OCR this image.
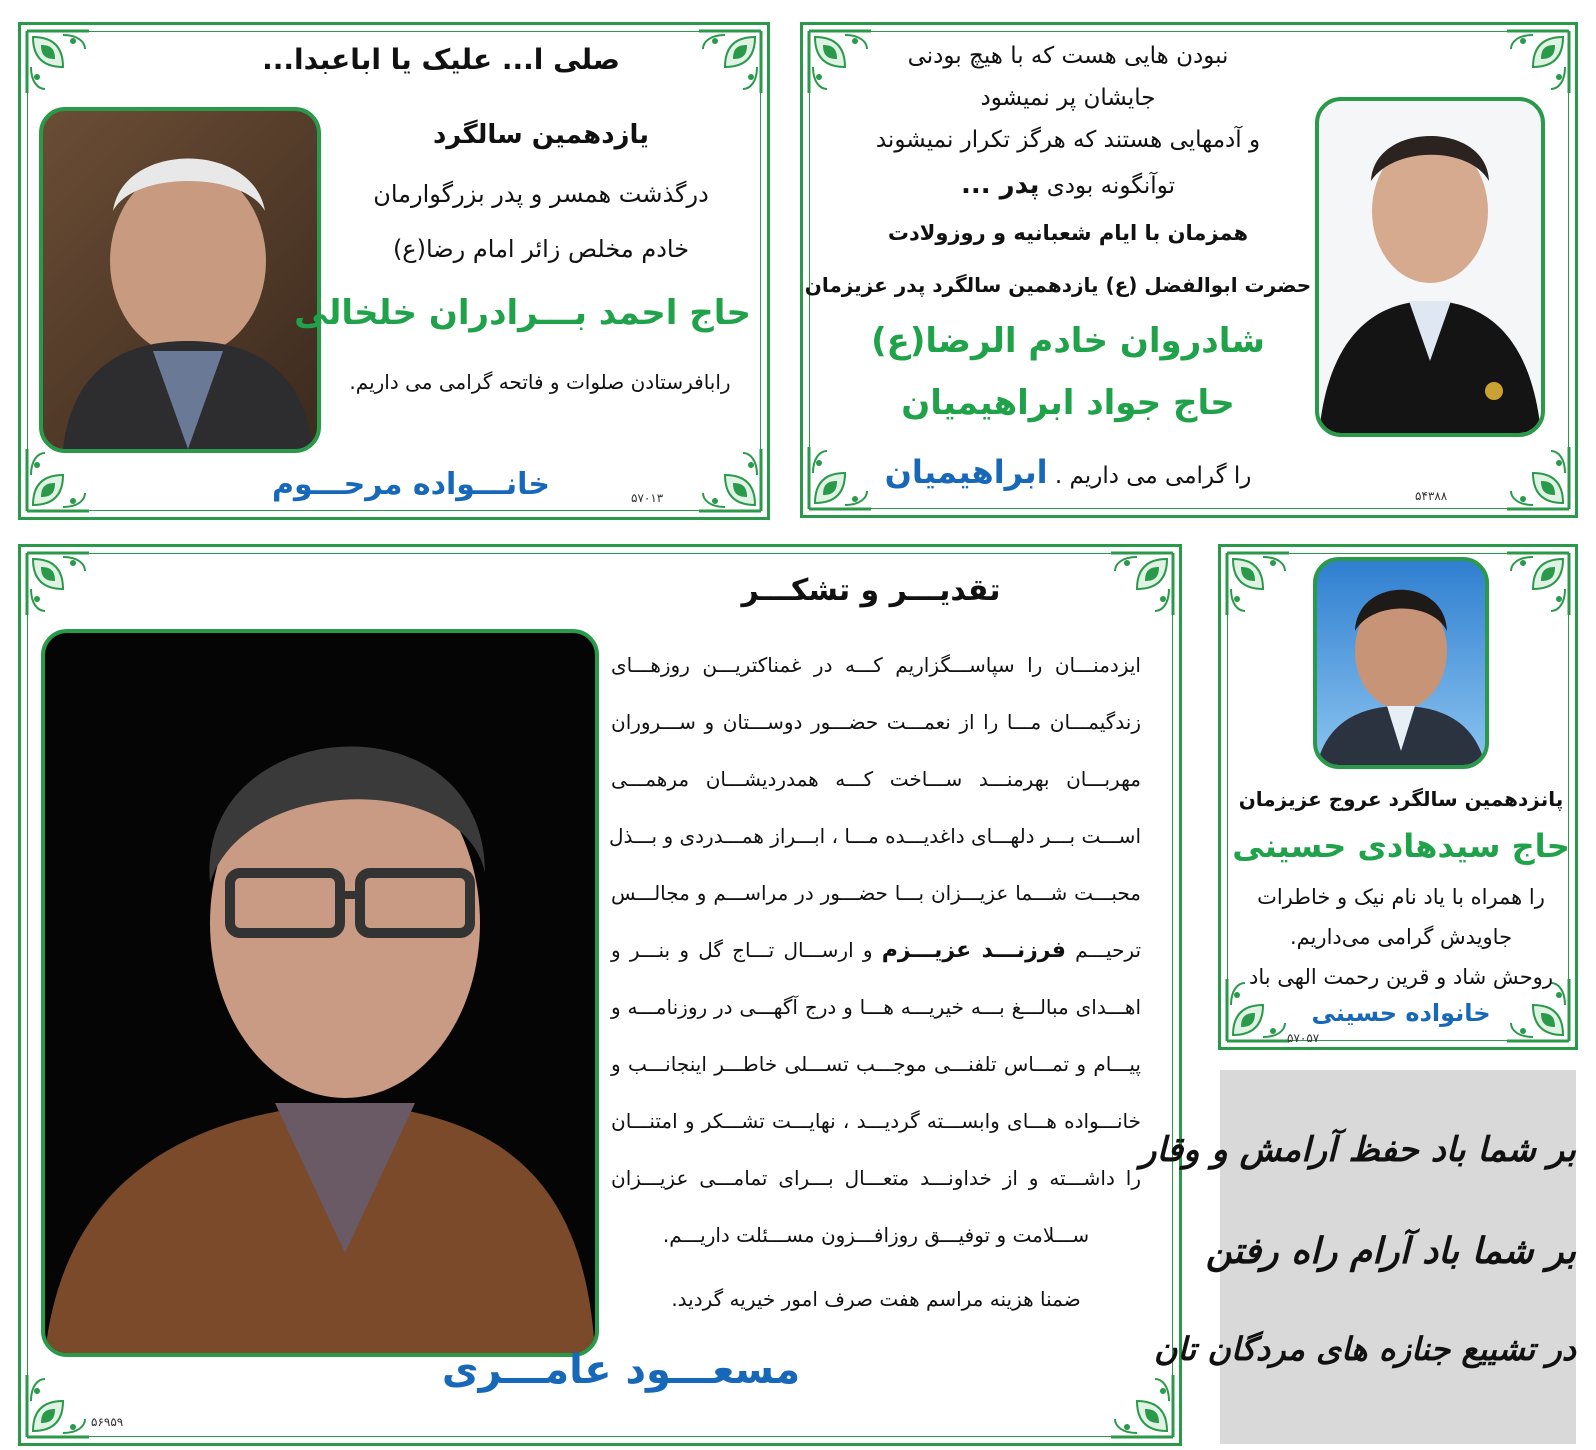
صلی ا... علیک یا اباعبدا...
یازدهمین سالگرد
درگذشت همسر و پدر بزرگوارمان
خادم مخلص زائر امام رضا(ع)
حاج احمد بـــرادران خلخالی
رابافرستادن صلوات و فاتحه گرامی می داریم.
خانـــواده مرحـــوم	۵۷۰۱۳
نبودن هایی هست که با هیچ بودنی
جایشان پر نمیشود
و آدمهایی هستند که هرگز تکرار نمیشوند
توآنگونه بودی پدر ...
همزمان با ایام شعبانیه و روزولادت
حضرت ابوالفضل (ع) یازدهمین سالگرد پدر عزیزمان
شادروان خادم الرضا(ع)
حاج جواد ابراهیمیان
را گرامی می داریم . ابراهیمیان
۵۴۳۸۸
تقدیـــر و تشکـــر
ایزدمنـــان را سپاســـگزاریم کـــه در غمناکتریـــن روزهـــای
زندگیمـــان مـــا را از نعمـــت حضـــور دوســـتان و ســـروران
مهربـــان بهرمنـــد ســـاخت کـــه همدردیشـــان مرهمـــی
اســـت بـــر دلهـــای داغدیـــده مـــا ، ابـــراز همـــدردی و بـــذل
محبـــت شـــما عزیـــزان بـــا حضـــور در مراســـم و مجالـــس
ترحیـــم فرزنـــد عزیـــزم و ارســـال تـــاج گل و بنـــر و
اهـــدای مبالـــغ بـــه خیریـــه هـــا و درج آگهـــی در روزنامـــه و
پیـــام و تمـــاس تلفنـــی موجـــب تســـلی خاطـــر اینجانـــب و
خانـــواده هـــای وابســـته گردیـــد ، نهایـــت تشـــکر و امتنـــان
را داشـــته و از خداونـــد متعـــال بـــرای تمامـــی عزیـــزان
ســـلامت و توفیـــق روزافـــزون مســـئلت داریـــم.
ضمنا هزینه مراسم هفت صرف امور خیریه گردید.
مسعـــود عامـــری
۵۶۹۵۹
پانزدهمین سالگرد عروج عزیزمان
حاج سیدهادی حسینی
را همراه با یاد نام نیک و خاطرات
جاویدش گرامی می‌داریم.
روحش شاد و قرین رحمت الهی باد
خانواده حسینی
۵۷۰۵۷
بر شما باد حفظ آرامش و وقار
بر شما باد آرام راه رفتن
در تشییع جنازه های مردگان تان
